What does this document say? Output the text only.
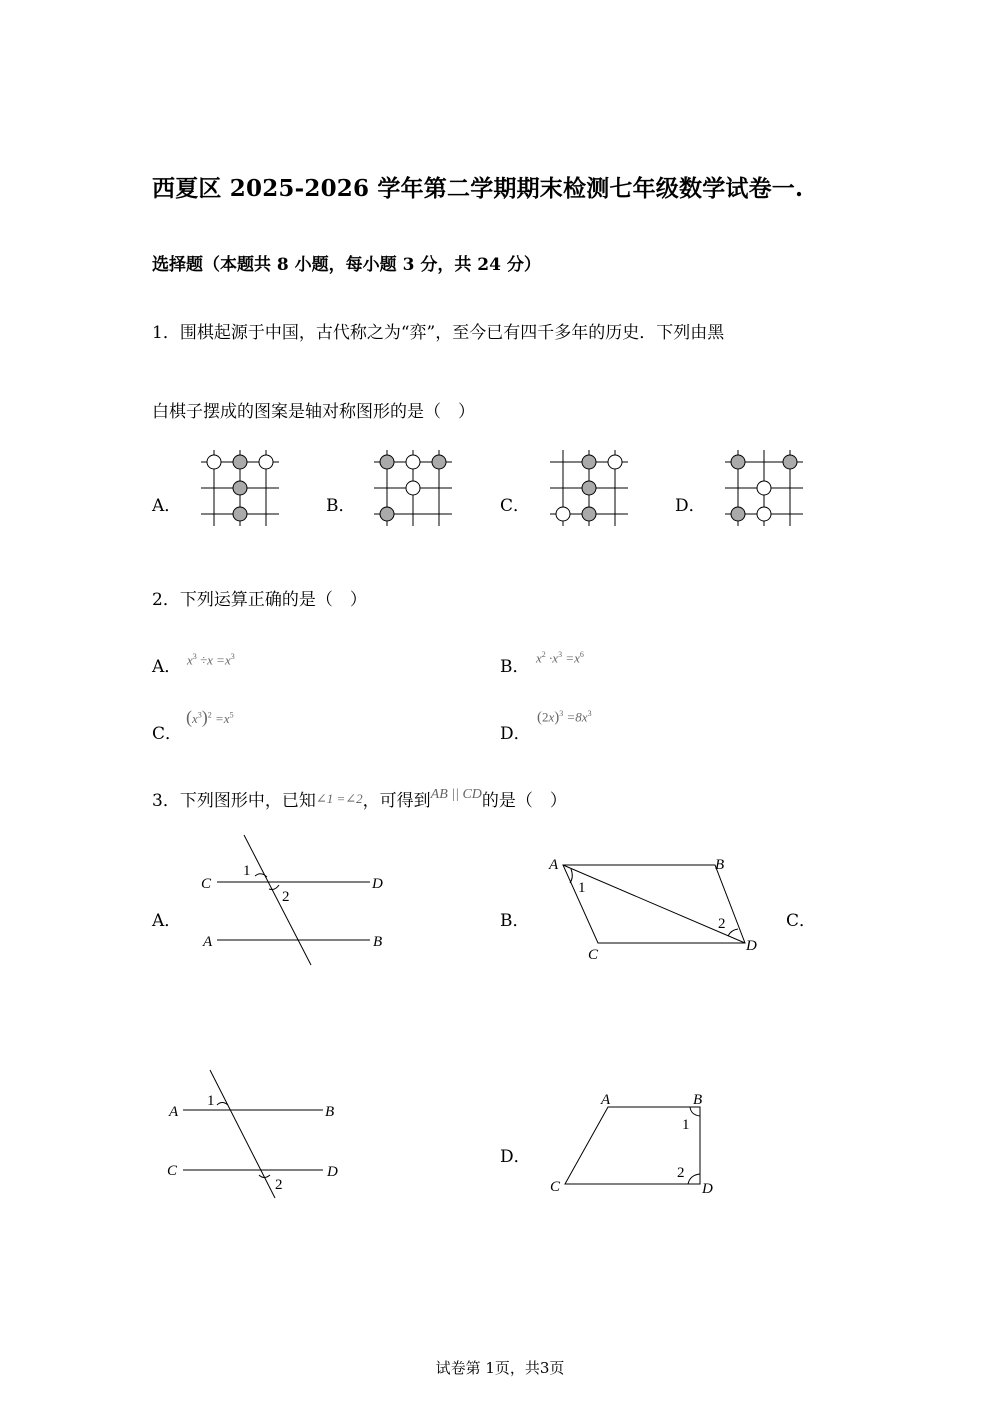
西夏区 2025-2026 学年第二学期期末检测七年级数学试卷一.
选择题（本题共 8 小题，每小题 3 分，共 24 分）
1．围棋起源于中国，古代称之为“弈”，至今已有四千多年的历史．下列由黑
白棋子摆成的图案是轴对称图形的是（　）
A．	B．	C．	D．
2．下列运算正确的是（　）
A． $x^3 \div x =x^3$
B． $x^2 \cdot x^3 =x^6$
C．
$(x^3)^2 =x^5$
D．
$(2x)^3 =8x^3$
3．下列图形中，已知∠1 =∠2，可得到$^{AB || CD}$的是（　）
A．	B．	C．
D．
1
2
C	D
A	B
1
2
A	B
C
D
1
2
A	B
C	D
1
2
A	B
C	D
试卷第 1页，共3页
